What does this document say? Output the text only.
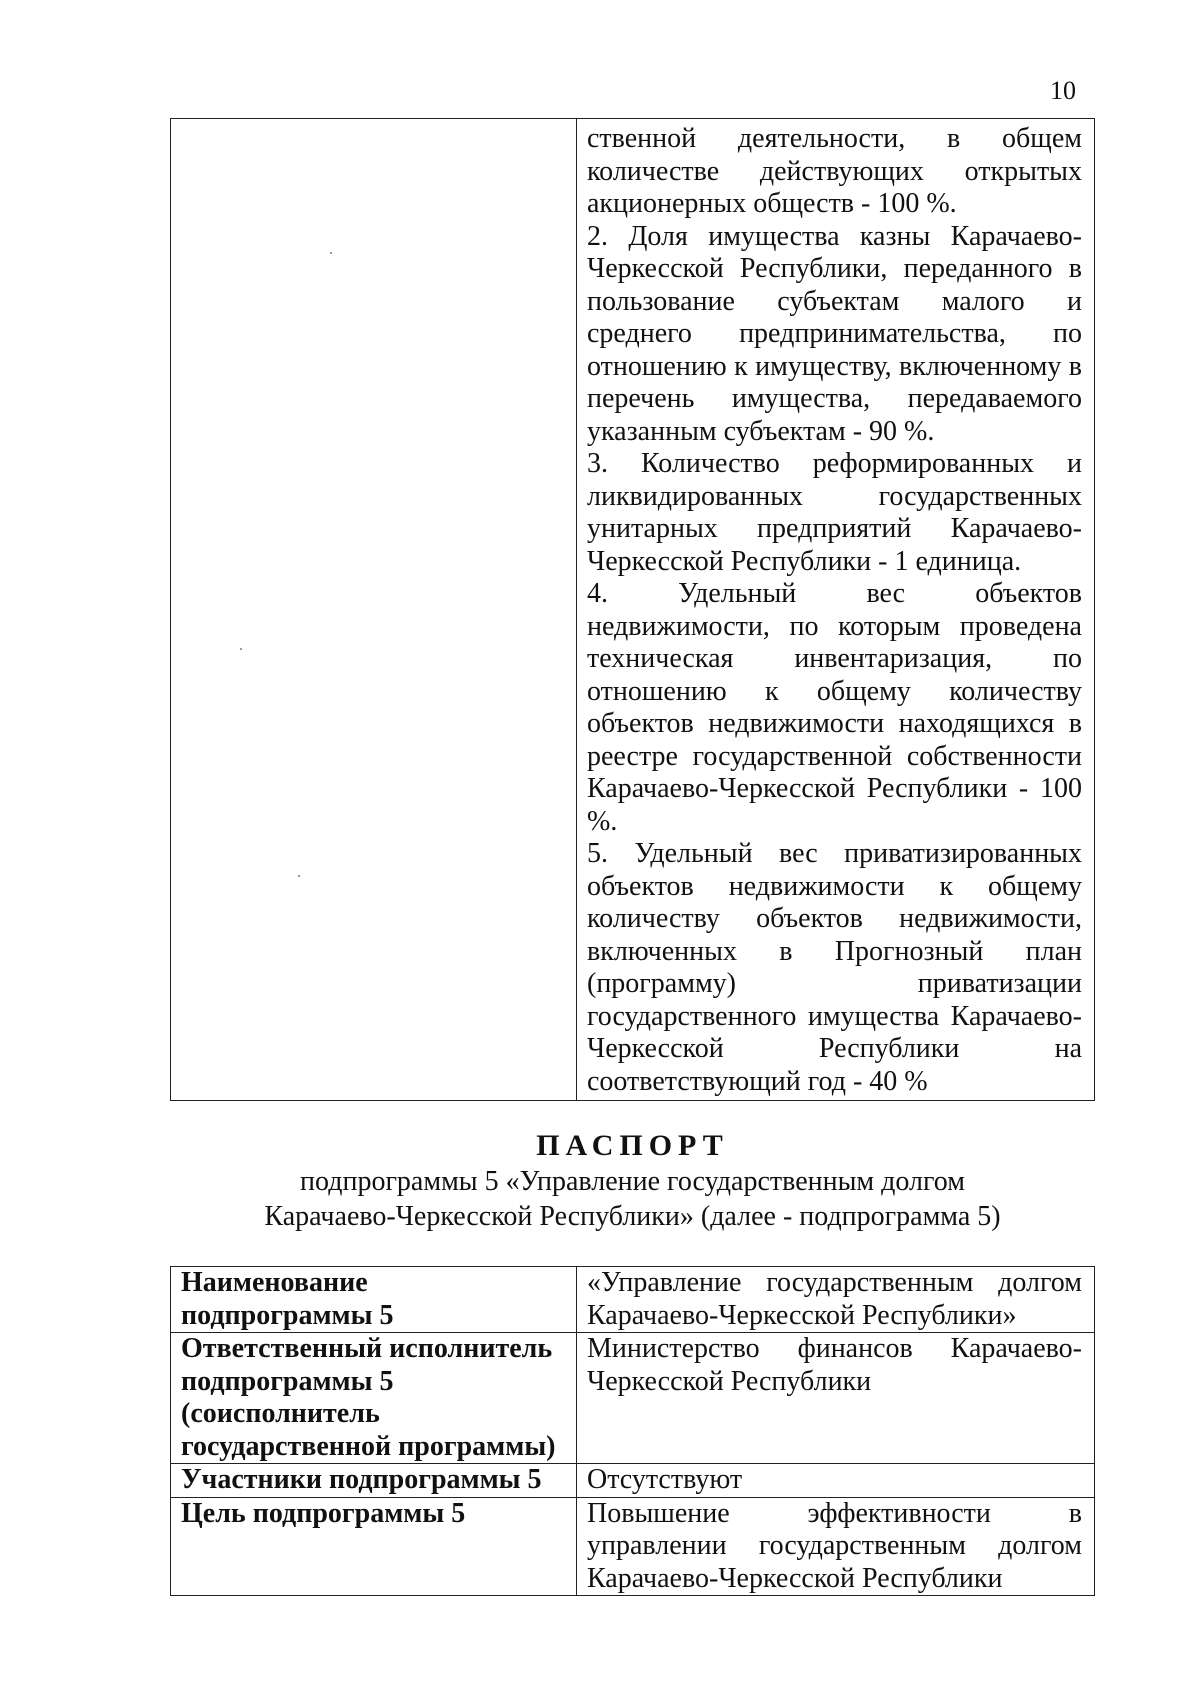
10

ственной деятельности, в общем количестве действующих открытых акционерных обществ - 100 %.
2. Доля имущества казны Карачаево-Черкесской Республики, переданного в пользование субъектам малого и среднего предпринимательства, по отношению к имуществу, включенному в перечень имущества, передаваемого указанным субъектам - 90 %.
3. Количество реформированных и ликвидированных государственных унитарных предприятий Карачаево-Черкесской Республики - 1 единица.
4. Удельный вес объектов недвижимости, по которым проведена техническая инвентаризация, по отношению к общему количеству объектов недвижимости находящихся в реестре государственной собственности Карачаево-Черкесской Республики - 100 %.
5. Удельный вес приватизированных объектов недвижимости к общему количеству объектов недвижимости, включенных в Прогнозный план (программу) приватизации государственного имущества Карачаево-Черкесской Республики на соответствующий год - 40 %
ПАСПОРТ
подпрограммы 5 «Управление государственным долгом
Карачаево-Черкесской Республики» (далее - подпрограмма 5)
Наименование подпрограммы 5	«Управление государственным долгом Карачаево-Черкесской Республики»
Ответственный исполнитель подпрограммы 5 (соисполнитель государственной программы)	Министерство финансов Карачаево-Черкесской Республики
Участники подпрограммы 5	Отсутствуют
Цель подпрограммы 5	Повышение эффективности в управлении государственным долгом Карачаево-Черкесской Республики
